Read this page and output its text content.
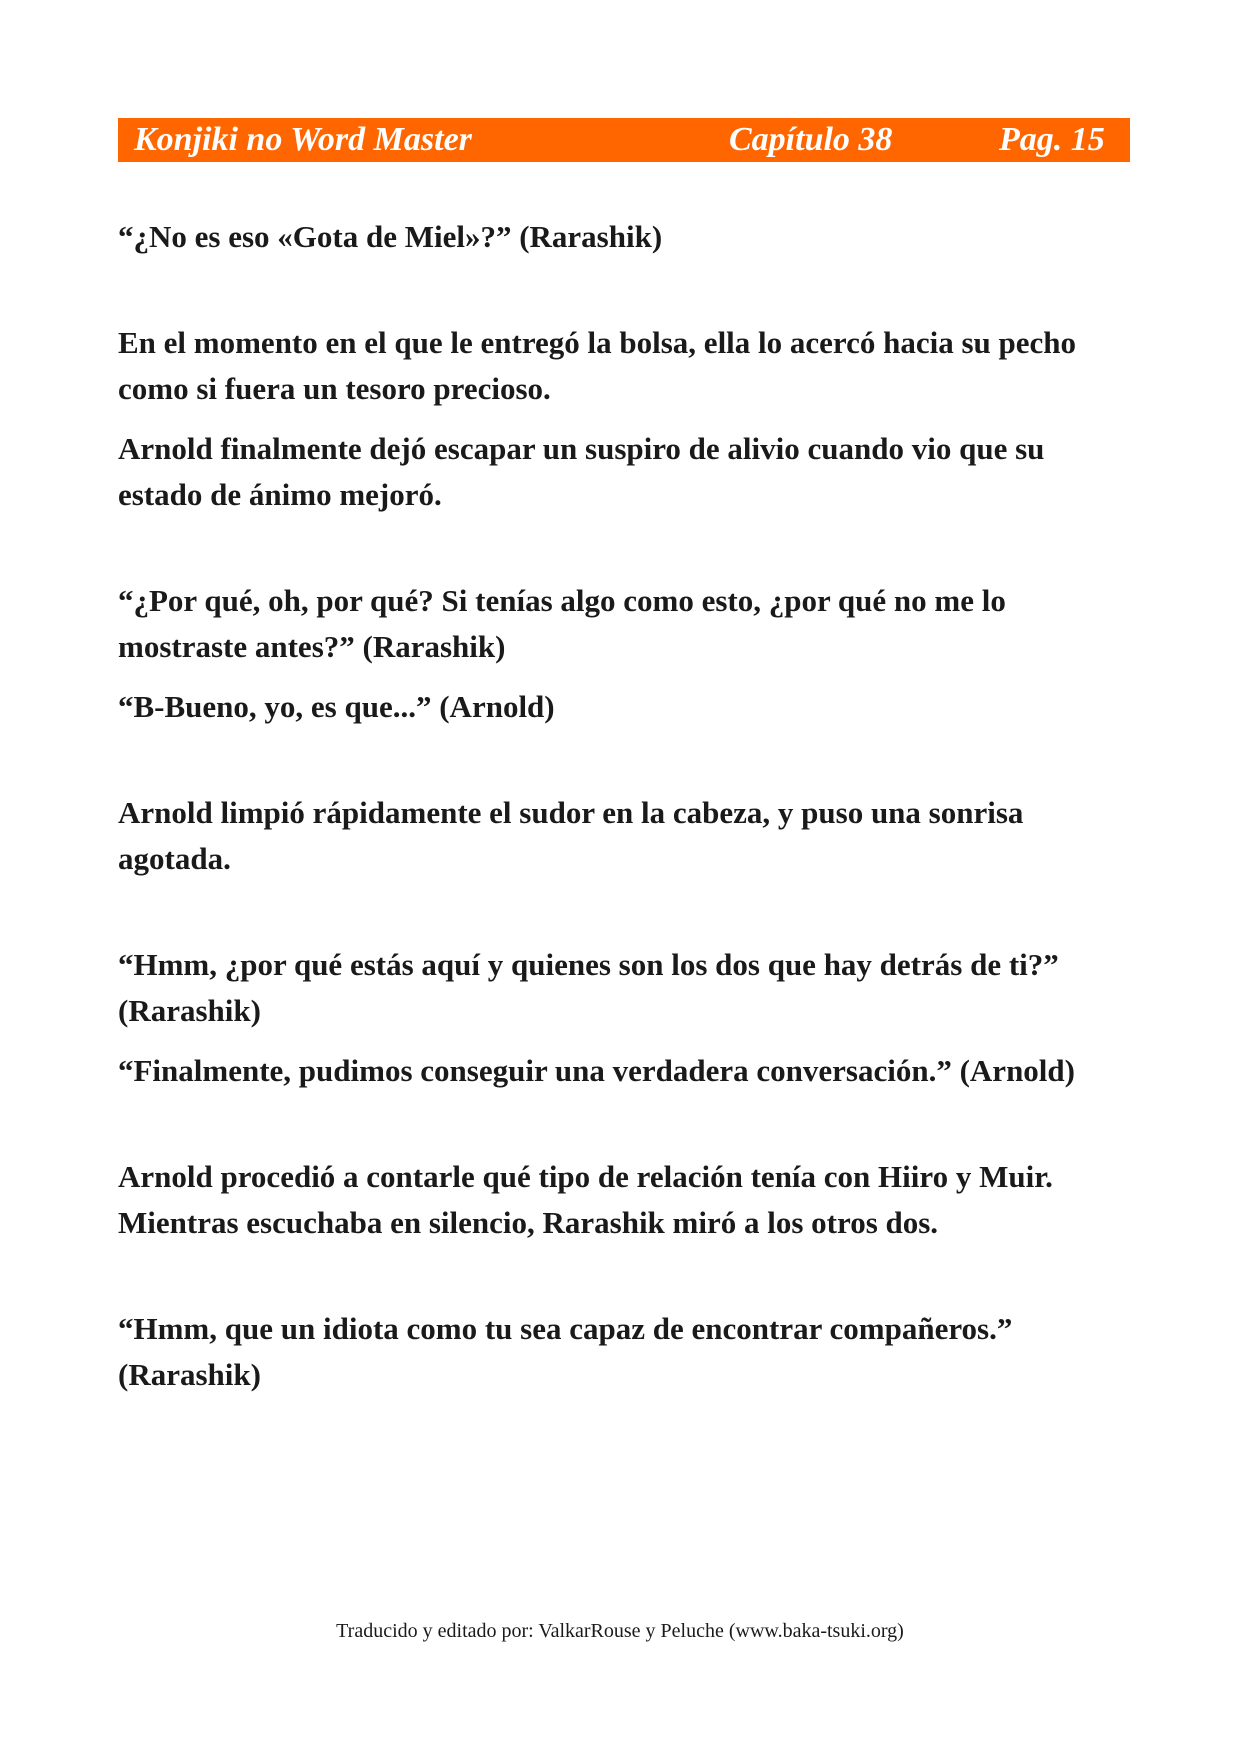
Konjiki no Word Master	Capítulo 38	Pag. 15

“¿No es eso «Gota de Miel»?” (Rarashik)

En el momento en el que le entregó la bolsa, ella lo acercó hacia su pecho como si fuera un tesoro precioso.

Arnold finalmente dejó escapar un suspiro de alivio cuando vio que su estado de ánimo mejoró.

“¿Por qué, oh, por qué? Si tenías algo como esto, ¿por qué no me lo mostraste antes?” (Rarashik)

“B-Bueno, yo, es que...” (Arnold)

Arnold limpió rápidamente el sudor en la cabeza, y puso una sonrisa agotada.

“Hmm, ¿por qué estás aquí y quienes son los dos que hay detrás de ti?” (Rarashik)

“Finalmente, pudimos conseguir una verdadera conversación.” (Arnold)

Arnold procedió a contarle qué tipo de relación tenía con Hiiro y Muir. Mientras escuchaba en silencio, Rarashik miró a los otros dos.

“Hmm, que un idiota como tu sea capaz de encontrar compañeros.” (Rarashik)

Traducido y editado por: ValkarRouse y Peluche (www.baka-tsuki.org)
